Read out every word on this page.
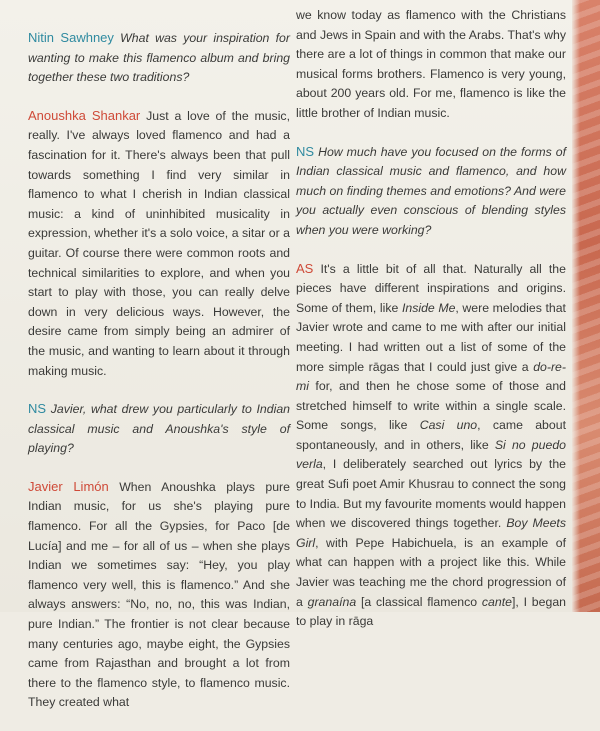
Nitin Sawhney What was your inspiration for wanting to make this flamenco album and bring together these two traditions?

Anoushka Shankar Just a love of the music, really. I've always loved flamenco and had a fascination for it. There's always been that pull towards something I find very similar in flamenco to what I cherish in Indian classical music: a kind of uninhibited musicality in expression, whether it's a solo voice, a sitar or a guitar. Of course there were common roots and technical similarities to explore, and when you start to play with those, you can really delve down in very delicious ways. However, the desire came from simply being an admirer of the music, and wanting to learn about it through making music.

NS Javier, what drew you particularly to Indian classical music and Anoushka's style of playing?

Javier Limón When Anoushka plays pure Indian music, for us she's playing pure flamenco. For all the Gypsies, for Paco [de Lucía] and me – for all of us – when she plays Indian we sometimes say: “Hey, you play flamenco very well, this is flamenco.” And she always answers: “No, no, no, this was Indian, pure Indian.” The frontier is not clear because many centuries ago, maybe eight, the Gypsies came from Rajasthan and brought a lot from there to the flamenco style, to flamenco music. They created what

we know today as flamenco with the Christians and Jews in Spain and with the Arabs. That's why there are a lot of things in common that make our musical forms brothers. Flamenco is very young, about 200 years old. For me, flamenco is like the little brother of Indian music.

NS How much have you focused on the forms of Indian classical music and flamenco, and how much on finding themes and emotions? And were you actually even conscious of blending styles when you were working?

AS It's a little bit of all that. Naturally all the pieces have different inspirations and origins. Some of them, like Inside Me, were melodies that Javier wrote and came to me with after our initial meeting. I had written out a list of some of the more simple rāgas that I could just give a do-re-mi for, and then he chose some of those and stretched himself to write within a single scale. Some songs, like Casi uno, came about spontaneously, and in others, like Si no puedo verla, I deliberately searched out lyrics by the great Sufi poet Amir Khusrau to connect the song to India. But my favourite moments would happen when we discovered things together. Boy Meets Girl, with Pepe Habichuela, is an example of what can happen with a project like this. While Javier was teaching me the chord progression of a granaína [a classical flamenco cante], I began to play in rāga
